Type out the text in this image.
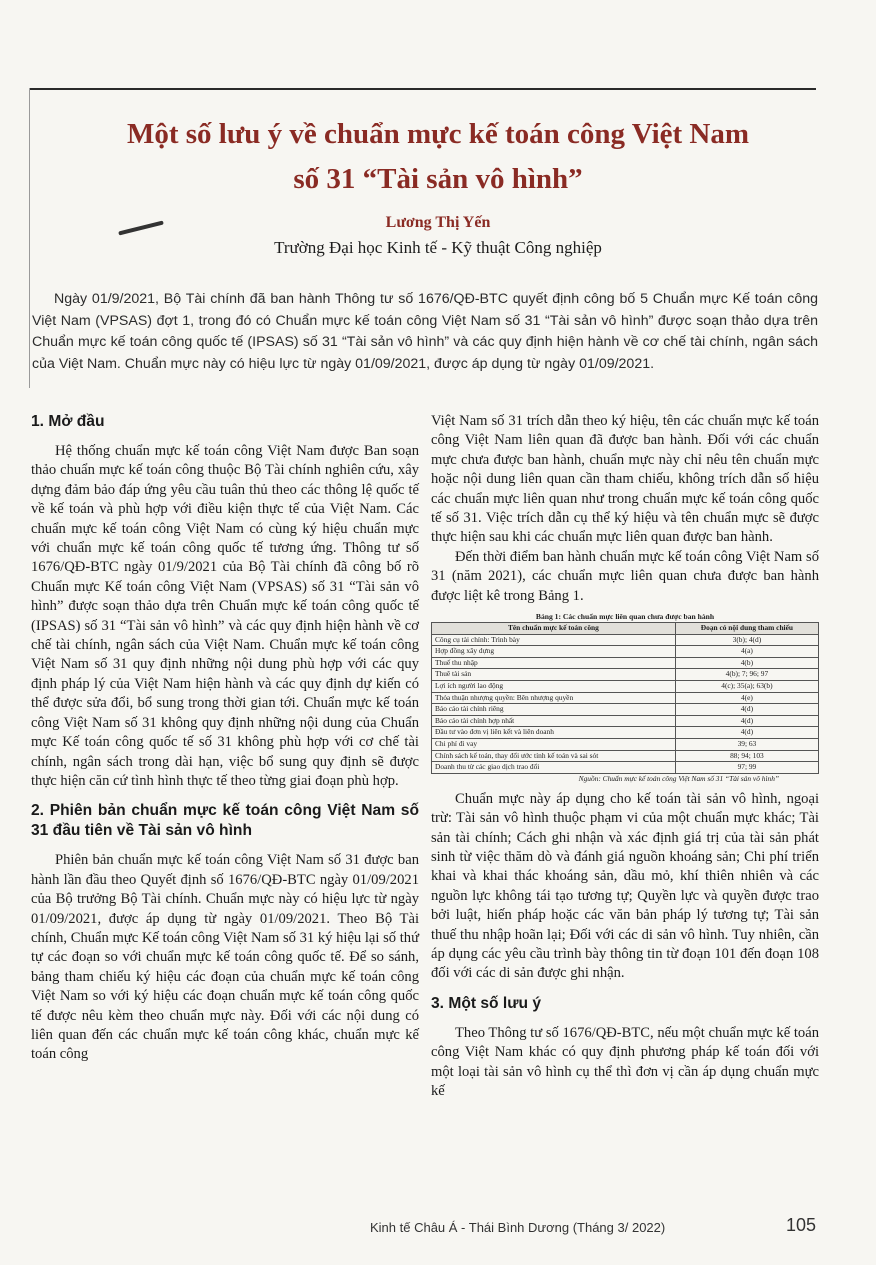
Một số lưu ý về chuẩn mực kế toán công Việt Nam
số 31 “Tài sản vô hình”
Lương Thị Yến
Trường Đại học Kinh tế - Kỹ thuật Công nghiệp
Ngày 01/9/2021, Bộ Tài chính đã ban hành Thông tư số 1676/QĐ-BTC quyết định công bố 5 Chuẩn mực Kế toán công Việt Nam (VPSAS) đợt 1, trong đó có Chuẩn mực kế toán công Việt Nam số 31 “Tài sản vô hình” được soạn thảo dựa trên Chuẩn mực kế toán công quốc tế (IPSAS) số 31 “Tài sản vô hình” và các quy định hiện hành về cơ chế tài chính, ngân sách của Việt Nam. Chuẩn mực này có hiệu lực từ ngày 01/09/2021, được áp dụng từ ngày 01/09/2021.
1. Mở đầu

Hệ thống chuẩn mực kế toán công Việt Nam được Ban soạn thảo chuẩn mực kế toán công thuộc Bộ Tài chính nghiên cứu, xây dựng đảm bảo đáp ứng yêu cầu tuân thủ theo các thông lệ quốc tế về kế toán và phù hợp với điều kiện thực tế của Việt Nam. Các chuẩn mực kế toán công Việt Nam có cùng ký hiệu chuẩn mực với chuẩn mực kế toán công quốc tế tương ứng. Thông tư số 1676/QĐ-BTC ngày 01/9/2021 của Bộ Tài chính đã công bố rõ Chuẩn mực Kế toán công Việt Nam (VPSAS) số 31 “Tài sản vô hình” được soạn thảo dựa trên Chuẩn mực kế toán công quốc tế (IPSAS) số 31 “Tài sản vô hình” và các quy định hiện hành về cơ chế tài chính, ngân sách của Việt Nam. Chuẩn mực kế toán công Việt Nam số 31 quy định những nội dung phù hợp với các quy định pháp lý của Việt Nam hiện hành và các quy định dự kiến có thể được sửa đổi, bổ sung trong thời gian tới. Chuẩn mực kế toán công Việt Nam số 31 không quy định những nội dung của Chuẩn mực Kế toán công quốc tế số 31 không phù hợp với cơ chế tài chính, ngân sách trong dài hạn, việc bổ sung quy định sẽ được thực hiện căn cứ tình hình thực tế theo từng giai đoạn phù hợp.

2. Phiên bản chuẩn mực kế toán công Việt Nam số 31 đầu tiên về Tài sản vô hình

Phiên bản chuẩn mực kế toán công Việt Nam số 31 được ban hành lần đầu theo Quyết định số 1676/QĐ-BTC ngày 01/09/2021 của Bộ trưởng Bộ Tài chính. Chuẩn mực này có hiệu lực từ ngày 01/09/2021, được áp dụng từ ngày 01/09/2021. Theo Bộ Tài chính, Chuẩn mực Kế toán công Việt Nam số 31 ký hiệu lại số thứ tự các đoạn so với chuẩn mực kế toán công quốc tế. Để so sánh, bảng tham chiếu ký hiệu các đoạn của chuẩn mực kế toán công Việt Nam so với ký hiệu các đoạn chuẩn mực kế toán công quốc tế được nêu kèm theo chuẩn mực này. Đối với các nội dung có liên quan đến các chuẩn mực kế toán công khác, chuẩn mực kế toán công

Việt Nam số 31 trích dẫn theo ký hiệu, tên các chuẩn mực kế toán công Việt Nam liên quan đã được ban hành. Đối với các chuẩn mực chưa được ban hành, chuẩn mực này chỉ nêu tên chuẩn mực hoặc nội dung liên quan cần tham chiếu, không trích dẫn số hiệu các chuẩn mực liên quan như trong chuẩn mực kế toán công quốc tế số 31. Việc trích dẫn cụ thể ký hiệu và tên chuẩn mực sẽ được thực hiện sau khi các chuẩn mực liên quan được ban hành.

Đến thời điểm ban hành chuẩn mực kế toán công Việt Nam số 31 (năm 2021), các chuẩn mực liên quan chưa được ban hành được liệt kê trong Bảng 1.

Bảng 1: Các chuẩn mực liên quan chưa được ban hành
Tên chuẩn mực kế toán công	Đoạn có nội dung tham chiếu
Công cụ tài chính: Trình bày	3(b); 4(d)
Hợp đồng xây dựng	4(a)
Thuế thu nhập	4(b)
Thuê tài sản	4(b); 7; 96; 97
Lợi ích người lao động	4(c); 35(a); 63(b)
Thỏa thuận nhượng quyền: Bên nhượng quyền	4(e)
Báo cáo tài chính riêng	4(d)
Báo cáo tài chính hợp nhất	4(d)
Đầu tư vào đơn vị liên kết và liên doanh	4(d)
Chi phí đi vay	39; 63
Chính sách kế toán, thay đổi ước tính kế toán và sai sót	88; 94; 103
Doanh thu từ các giao dịch trao đổi	97; 99
Nguồn: Chuẩn mực kế toán công Việt Nam số 31 “Tài sản vô hình”

Chuẩn mực này áp dụng cho kế toán tài sản vô hình, ngoại trừ: Tài sản vô hình thuộc phạm vi của một chuẩn mực khác; Tài sản tài chính; Cách ghi nhận và xác định giá trị của tài sản phát sinh từ việc thăm dò và đánh giá nguồn khoáng sản; Chi phí triển khai và khai thác khoáng sản, dầu mỏ, khí thiên nhiên và các nguồn lực không tái tạo tương tự; Quyền lực và quyền được trao bởi luật, hiến pháp hoặc các văn bản pháp lý tương tự; Tài sản thuế thu nhập hoãn lại; Đối với các di sản vô hình. Tuy nhiên, cần áp dụng các yêu cầu trình bày thông tin từ đoạn 101 đến đoạn 108 đối với các di sản được ghi nhận.

3. Một số lưu ý

Theo Thông tư số 1676/QĐ-BTC, nếu một chuẩn mực kế toán công Việt Nam khác có quy định phương pháp kế toán đối với một loại tài sản vô hình cụ thể thì đơn vị cần áp dụng chuẩn mực kế

Kinh tế Châu Á - Thái Bình Dương (Tháng 3/ 2022)	105
